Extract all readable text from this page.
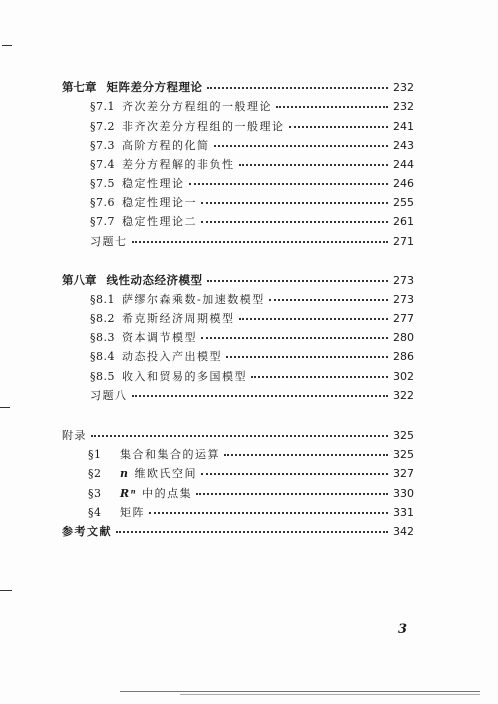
第七章 矩阵差分方程理论	232
§7.1 齐次差分方程组的一般理论	232
§7.2 非齐次差分方程组的一般理论	241
§7.3 高阶方程的化简	243
§7.4 差分方程解的非负性	244
§7.5 稳定性理论	246
§7.6 稳定性理论一	255
§7.7 稳定性理论二	261
习题七	271
第八章 线性动态经济模型	273
§8.1 萨缪尔森乘数-加速数模型	273
§8.2 希克斯经济周期模型	277
§8.3 资本调节模型	280
§8.4 动态投入产出模型	286
§8.5 收入和贸易的多国模型	302
习题八	322
附录	325
§1	集合和集合的运算	325
§2	n 维欧氏空间	327
§3	Rⁿ 中的点集	330
§4	矩阵	331
参考文献	342
3
